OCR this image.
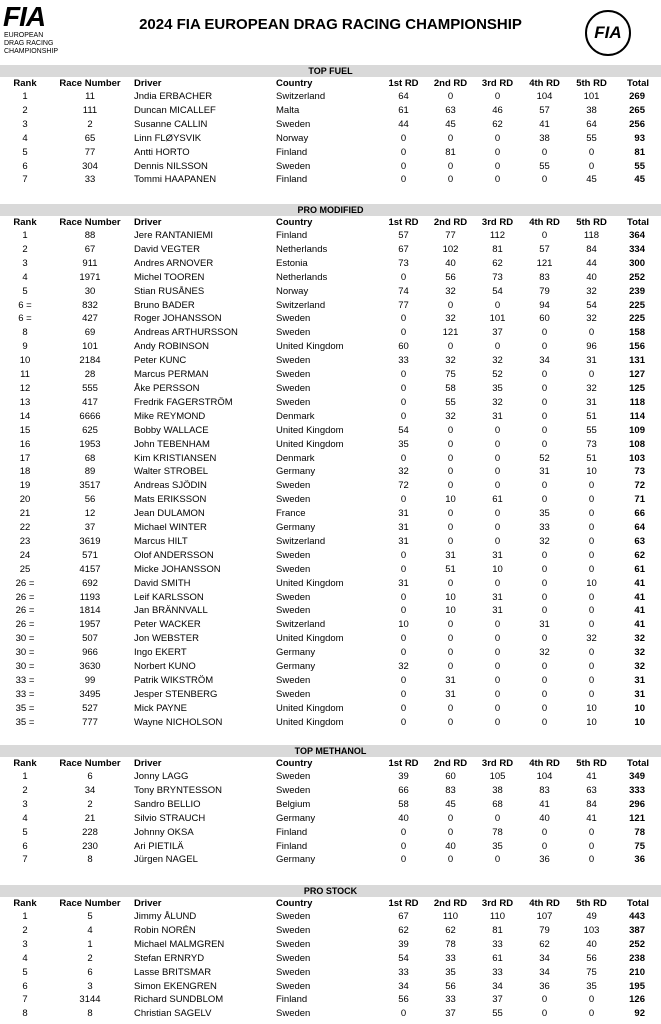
FIA
EUROPEAN
DRAG RACING
CHAMPIONSHIP
2024 FIA EUROPEAN DRAG RACING CHAMPIONSHIP	FIA
TOP FUEL
Rank	Race Number	Driver	Country	1st RD	2nd RD	3rd RD	4th RD	5th RD	Total
1	11	Jndia ERBACHER	Switzerland	64	0	0	104	101	269
2	111	Duncan MICALLEF	Malta	61	63	46	57	38	265
3	2	Susanne CALLIN	Sweden	44	45	62	41	64	256
4	65	Linn FLØYSVIK	Norway	0	0	0	38	55	93
5	77	Antti HORTO	Finland	0	81	0	0	0	81
6	304	Dennis NILSSON	Sweden	0	0	0	55	0	55
7	33	Tommi HAAPANEN	Finland	0	0	0	0	45	45
PRO MODIFIED
Rank	Race Number	Driver	Country	1st RD	2nd RD	3rd RD	4th RD	5th RD	Total
1	88	Jere RANTANIEMI	Finland	57	77	112	0	118	364
2	67	David VEGTER	Netherlands	67	102	81	57	84	334
3	911	Andres ARNOVER	Estonia	73	40	62	121	44	300
4	1971	Michel TOOREN	Netherlands	0	56	73	83	40	252
5	30	Stian RUSÅNES	Norway	74	32	54	79	32	239
6 =	832	Bruno BADER	Switzerland	77	0	0	94	54	225
6 =	427	Roger JOHANSSON	Sweden	0	32	101	60	32	225
8	69	Andreas ARTHURSSON	Sweden	0	121	37	0	0	158
9	101	Andy ROBINSON	United Kingdom	60	0	0	0	96	156
10	2184	Peter KUNC	Sweden	33	32	32	34	31	131
11	28	Marcus PERMAN	Sweden	0	75	52	0	0	127
12	555	Åke PERSSON	Sweden	0	58	35	0	32	125
13	417	Fredrik FAGERSTRÖM	Sweden	0	55	32	0	31	118
14	6666	Mike REYMOND	Denmark	0	32	31	0	51	114
15	625	Bobby WALLACE	United Kingdom	54	0	0	0	55	109
16	1953	John TEBENHAM	United Kingdom	35	0	0	0	73	108
17	68	Kim KRISTIANSEN	Denmark	0	0	0	52	51	103
18	89	Walter STROBEL	Germany	32	0	0	31	10	73
19	3517	Andreas SJÖDIN	Sweden	72	0	0	0	0	72
20	56	Mats ERIKSSON	Sweden	0	10	61	0	0	71
21	12	Jean DULAMON	France	31	0	0	35	0	66
22	37	Michael WINTER	Germany	31	0	0	33	0	64
23	3619	Marcus HILT	Switzerland	31	0	0	32	0	63
24	571	Olof ANDERSSON	Sweden	0	31	31	0	0	62
25	4157	Micke JOHANSSON	Sweden	0	51	10	0	0	61
26 =	692	David SMITH	United Kingdom	31	0	0	0	10	41
26 =	1193	Leif KARLSSON	Sweden	0	10	31	0	0	41
26 =	1814	Jan BRÄNNVALL	Sweden	0	10	31	0	0	41
26 =	1957	Peter WACKER	Switzerland	10	0	0	31	0	41
30 =	507	Jon WEBSTER	United Kingdom	0	0	0	0	32	32
30 =	966	Ingo EKERT	Germany	0	0	0	32	0	32
30 =	3630	Norbert KUNO	Germany	32	0	0	0	0	32
33 =	99	Patrik WIKSTRÖM	Sweden	0	31	0	0	0	31
33 =	3495	Jesper STENBERG	Sweden	0	31	0	0	0	31
35 =	527	Mick PAYNE	United Kingdom	0	0	0	0	10	10
35 =	777	Wayne NICHOLSON	United Kingdom	0	0	0	0	10	10
TOP METHANOL
Rank	Race Number	Driver	Country	1st RD	2nd RD	3rd RD	4th RD	5th RD	Total
1	6	Jonny LAGG	Sweden	39	60	105	104	41	349
2	34	Tony BRYNTESSON	Sweden	66	83	38	83	63	333
3	2	Sandro BELLIO	Belgium	58	45	68	41	84	296
4	21	Silvio STRAUCH	Germany	40	0	0	40	41	121
5	228	Johnny OKSA	Finland	0	0	78	0	0	78
6	230	Ari PIETILÄ	Finland	0	40	35	0	0	75
7	8	Jürgen NAGEL	Germany	0	0	0	36	0	36
PRO STOCK
Rank	Race Number	Driver	Country	1st RD	2nd RD	3rd RD	4th RD	5th RD	Total
1	5	Jimmy ÅLUND	Sweden	67	110	110	107	49	443
2	4	Robin NORÉN	Sweden	62	62	81	79	103	387
3	1	Michael MALMGREN	Sweden	39	78	33	62	40	252
4	2	Stefan ERNRYD	Sweden	54	33	61	34	56	238
5	6	Lasse BRITSMAR	Sweden	33	35	33	34	75	210
6	3	Simon EKENGREN	Sweden	34	56	34	36	35	195
7	3144	Richard SUNDBLOM	Finland	56	33	37	0	0	126
8	8	Christian SAGELV	Sweden	0	37	55	0	0	92
